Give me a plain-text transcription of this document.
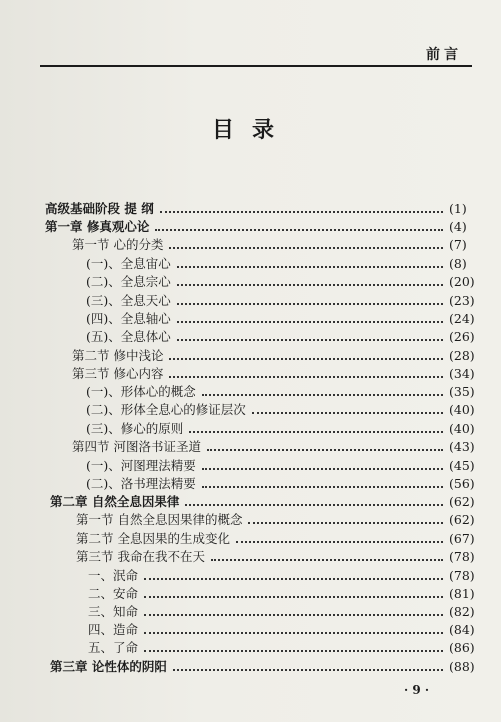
前言
目录
高级基础阶段 提 纲	(1)
第一章 修真观心论	(4)
第一节 心的分类	(7)
(一)、全息宙心	(8)
(二)、全息宗心	(20)
(三)、全息天心	(23)
(四)、全息轴心	(24)
(五)、全息体心	(26)
第二节 修中浅论	(28)
第三节 修心内容	(34)
(一)、形体心的概念	(35)
(二)、形体全息心的修证层次	(40)
(三)、修心的原则	(40)
第四节 河图洛书证圣道	(43)
(一)、河图理法精要	(45)
(二)、洛书理法精要	(56)
第二章 自然全息因果律	(62)
第一节 自然全息因果律的概念	(62)
第二节 全息因果的生成变化	(67)
第三节 我命在我不在天	(78)
一、泯命	(78)
二、安命	(81)
三、知命	(82)
四、造命	(84)
五、了命	(86)
第三章 论性体的阴阳	(88)
· 9 ·
